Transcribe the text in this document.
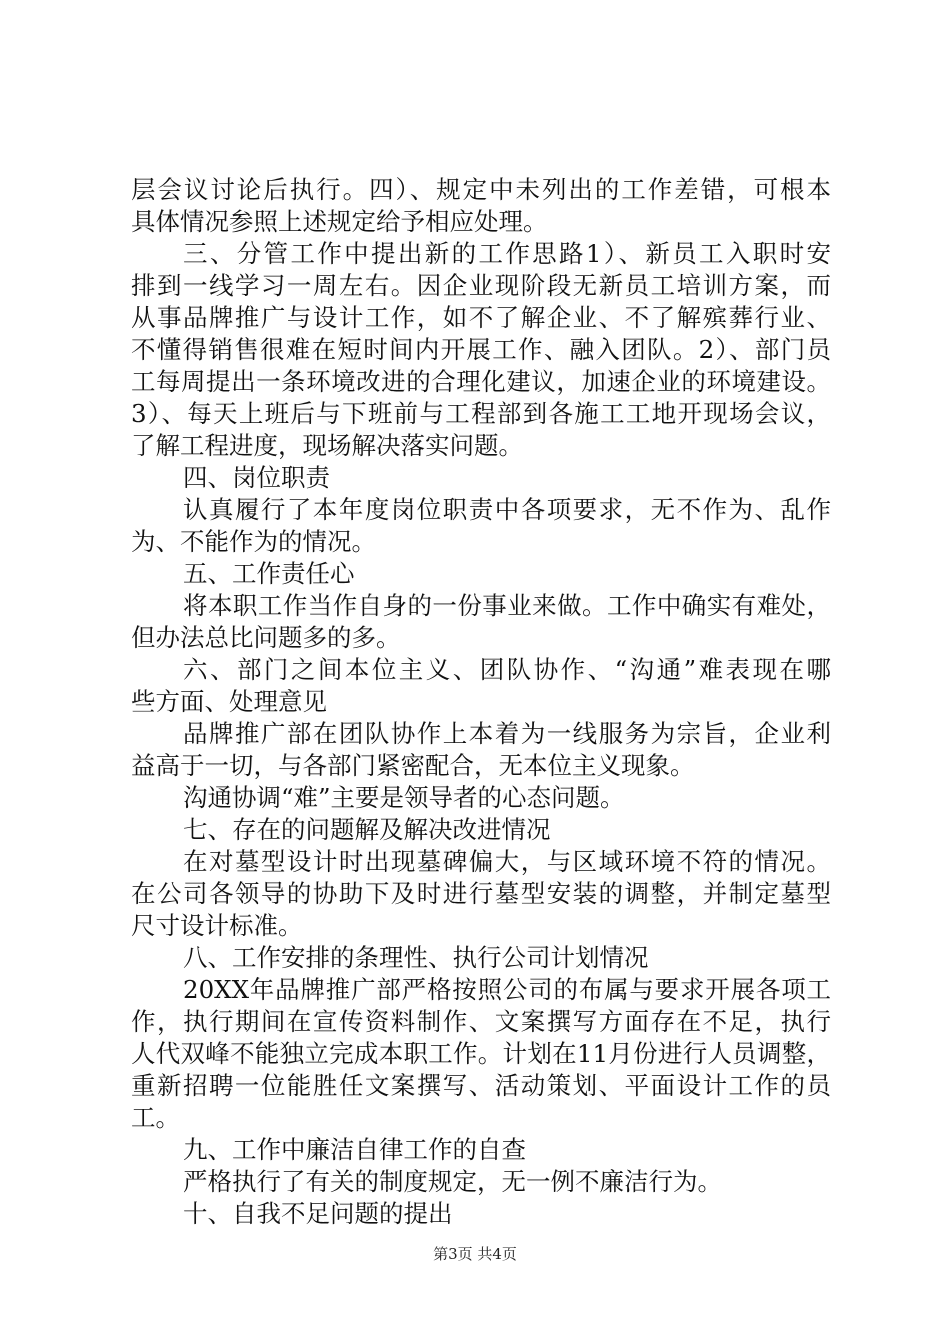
层会议讨论后执行。四）、规定中未列出的工作差错，可根本
具体情况参照上述规定给予相应处理。
三、分管工作中提出新的工作思路1）、新员工入职时安
排到一线学习一周左右。因企业现阶段无新员工培训方案，而
从事品牌推广与设计工作，如不了解企业、不了解殡葬行业、
不懂得销售很难在短时间内开展工作、融入团队。2）、部门员
工每周提出一条环境改进的合理化建议，加速企业的环境建设。
3）、每天上班后与下班前与工程部到各施工工地开现场会议，
了解工程进度，现场解决落实问题。
四、岗位职责
认真履行了本年度岗位职责中各项要求，无不作为、乱作
为、不能作为的情况。
五、工作责任心
将本职工作当作自身的一份事业来做。工作中确实有难处，
但办法总比问题多的多。
六、部门之间本位主义、团队协作、“沟通”难表现在哪
些方面、处理意见
品牌推广部在团队协作上本着为一线服务为宗旨，企业利
益高于一切，与各部门紧密配合，无本位主义现象。
沟通协调“难”主要是领导者的心态问题。
七、存在的问题解及解决改进情况
在对墓型设计时出现墓碑偏大，与区域环境不符的情况。
在公司各领导的协助下及时进行墓型安装的调整，并制定墓型
尺寸设计标准。
八、工作安排的条理性、执行公司计划情况
20XX年品牌推广部严格按照公司的布属与要求开展各项工
作，执行期间在宣传资料制作、文案撰写方面存在不足，执行
人代双峰不能独立完成本职工作。计划在11月份进行人员调整，
重新招聘一位能胜任文案撰写、活动策划、平面设计工作的员
工。
九、工作中廉洁自律工作的自查
严格执行了有关的制度规定，无一例不廉洁行为。
十、自我不足问题的提出
第3页 共4页
